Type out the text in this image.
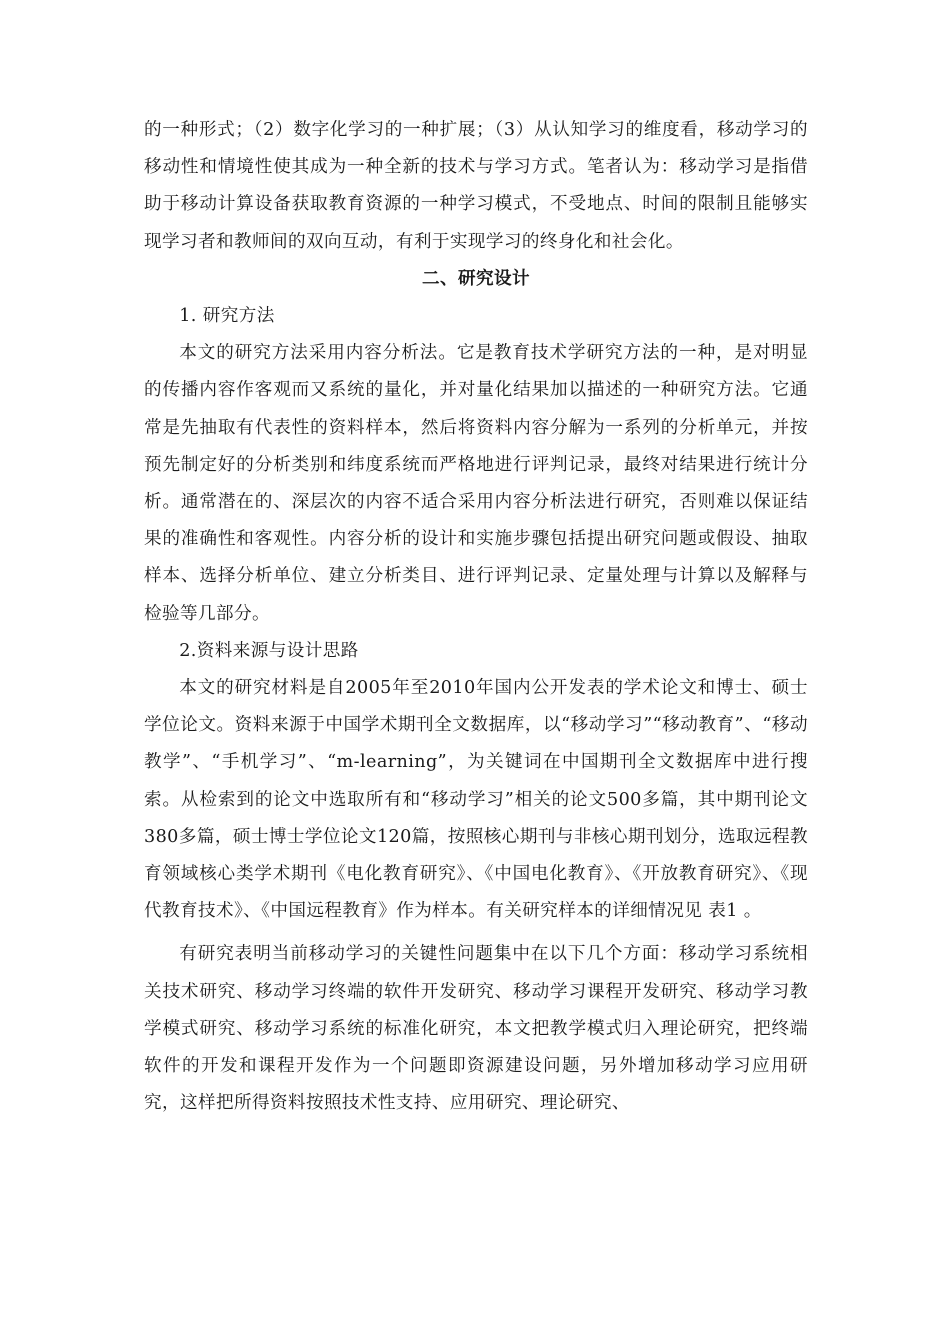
的一种形式；（2）数字化学习的一种扩展；（3）从认知学习的维度看，移动学习的移动性和情境性使其成为一种全新的技术与学习方式。笔者认为：移动学习是指借助于移动计算设备获取教育资源的一种学习模式，不受地点、时间的限制且能够实现学习者和教师间的双向互动，有利于实现学习的终身化和社会化。

二、研究设计

1. 研究方法

本文的研究方法采用内容分析法。它是教育技术学研究方法的一种，是对明显的传播内容作客观而又系统的量化，并对量化结果加以描述的一种研究方法。它通常是先抽取有代表性的资料样本，然后将资料内容分解为一系列的分析单元，并按预先制定好的分析类别和纬度系统而严格地进行评判记录，最终对结果进行统计分析。通常潜在的、深层次的内容不适合采用内容分析法进行研究，否则难以保证结果的准确性和客观性。内容分析的设计和实施步骤包括提出研究问题或假设、抽取样本、选择分析单位、建立分析类目、进行评判记录、定量处理与计算以及解释与检验等几部分。

2.资料来源与设计思路

本文的研究材料是自2005年至2010年国内公开发表的学术论文和博士、硕士学位论文。资料来源于中国学术期刊全文数据库，以“移动学习”“移动教育”、“移动教学”、“手机学习”、“m-learning”，为关键词在中国期刊全文数据库中进行搜索。从检索到的论文中选取所有和“移动学习”相关的论文500多篇，其中期刊论文380多篇，硕士博士学位论文120篇，按照核心期刊与非核心期刊划分，选取远程教育领域核心类学术期刊《电化教育研究》、《中国电化教育》、《开放教育研究》、《现代教育技术》、《中国远程教育》作为样本。有关研究样本的详细情况见 表1 。

有研究表明当前移动学习的关键性问题集中在以下几个方面：移动学习系统相关技术研究、移动学习终端的软件开发研究、移动学习课程开发研究、移动学习教学模式研究、移动学习系统的标准化研究，本文把教学模式归入理论研究，把终端软件的开发和课程开发作为一个问题即资源建设问题，另外增加移动学习应用研究，这样把所得资料按照技术性支持、应用研究、理论研究、
